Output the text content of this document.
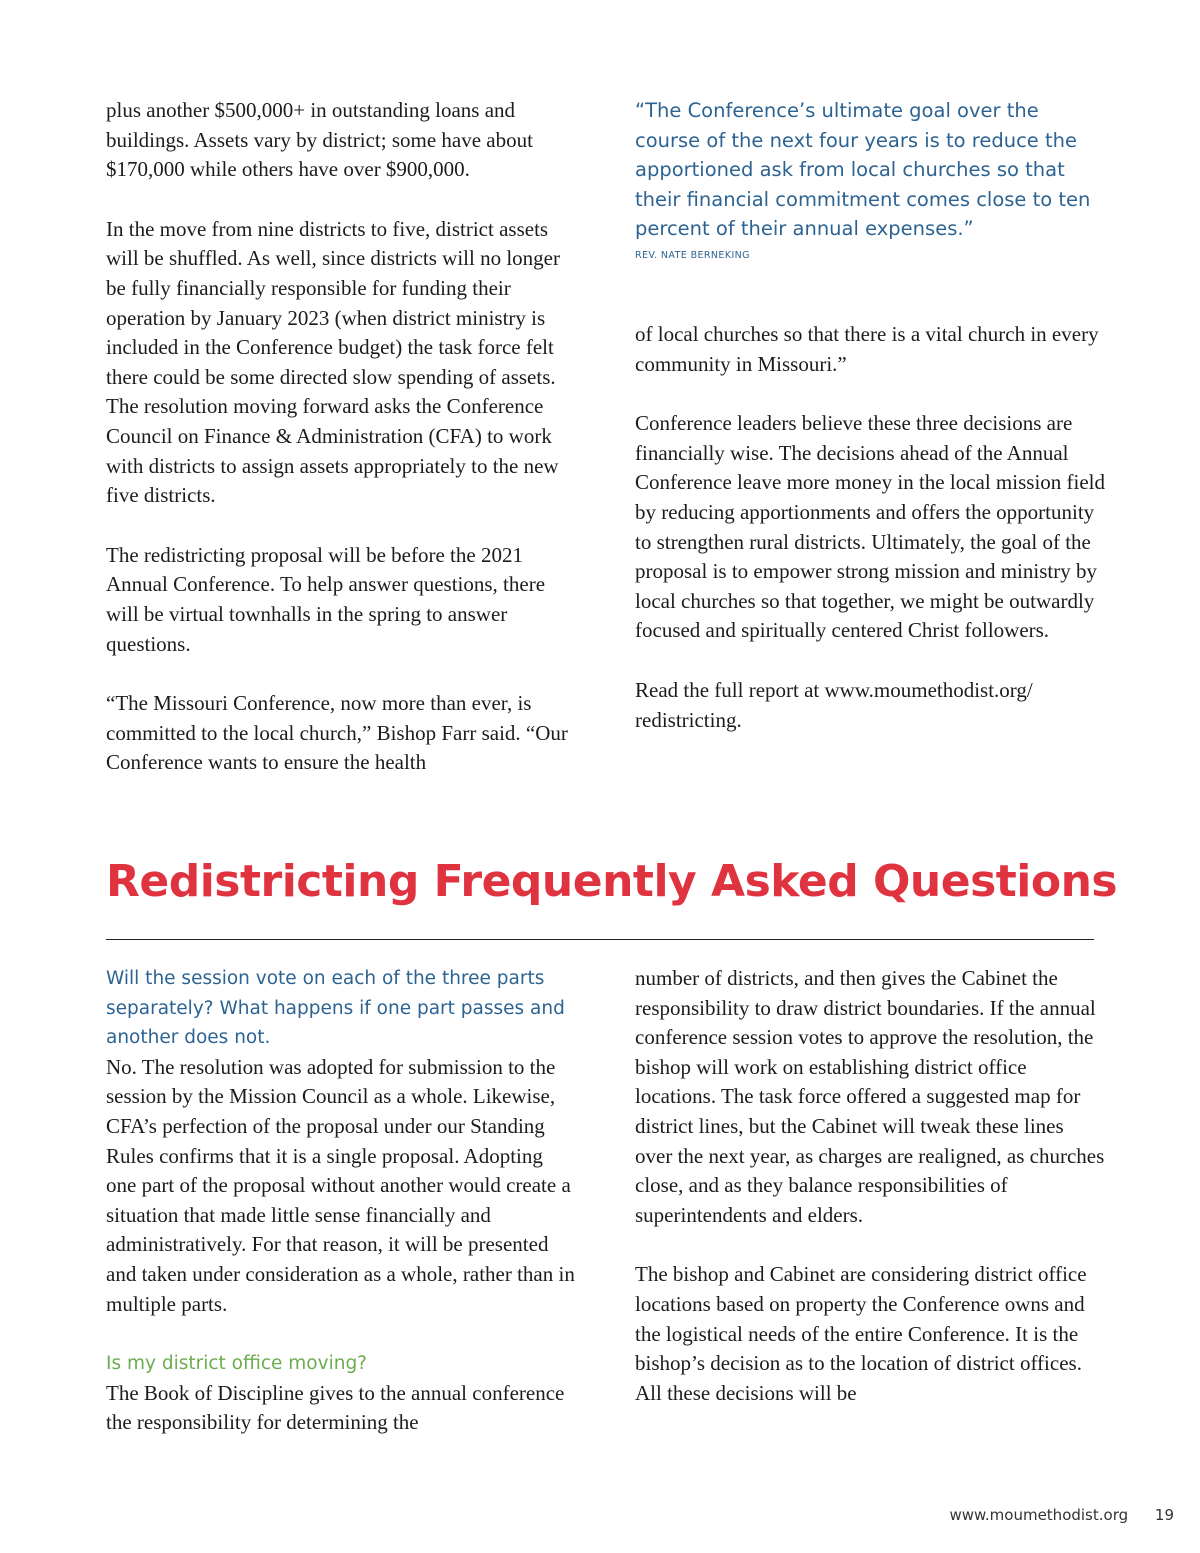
plus another $500,000+ in outstanding loans and buildings. Assets vary by district; some have about $170,000 while others have over $900,000.

In the move from nine districts to five, district assets will be shuffled. As well, since districts will no longer be fully financially responsible for funding their operation by January 2023 (when district ministry is included in the Conference budget) the task force felt there could be some directed slow spending of assets. The resolution moving forward asks the Conference Council on Finance & Administration (CFA) to work with districts to assign assets appropriately to the new five districts.

The redistricting proposal will be before the 2021 Annual Conference. To help answer questions, there will be virtual townhalls in the spring to answer questions.

“The Missouri Conference, now more than ever, is committed to the local church,” Bishop Farr said. “Our Conference wants to ensure the health

“The Conference’s ultimate goal over the course of the next four years is to reduce the apportioned ask from local churches so that their financial commitment comes close to ten percent of their annual expenses.”

REV. NATE BERNEKING

of local churches so that there is a vital church in every community in Missouri.”

Conference leaders believe these three decisions are financially wise. The decisions ahead of the Annual Conference leave more money in the local mission field by reducing apportionments and offers the opportunity to strengthen rural districts. Ultimately, the goal of the proposal is to empower strong mission and ministry by local churches so that together, we might be outwardly focused and spiritually centered Christ followers.

Read the full report at www.moumethodist.org/ redistricting.

Redistricting Frequently Asked Questions

Will the session vote on each of the three parts separately? What happens if one part passes and another does not.

No. The resolution was adopted for submission to the session by the Mission Council as a whole. Likewise, CFA’s perfection of the proposal under our Standing Rules confirms that it is a single proposal. Adopting one part of the proposal without another would create a situation that made little sense financially and administratively. For that reason, it will be presented and taken under consideration as a whole, rather than in multiple parts.

Is my district office moving?

The Book of Discipline gives to the annual conference the responsibility for determining the

number of districts, and then gives the Cabinet the responsibility to draw district boundaries. If the annual conference session votes to approve the resolution, the bishop will work on establishing district office locations. The task force offered a suggested map for district lines, but the Cabinet will tweak these lines over the next year, as charges are realigned, as churches close, and as they balance responsibilities of superintendents and elders.

The bishop and Cabinet are considering district office locations based on property the Conference owns and the logistical needs of the entire Conference. It is the bishop’s decision as to the location of district offices. All these decisions will be

www.moumethodist.org 19
